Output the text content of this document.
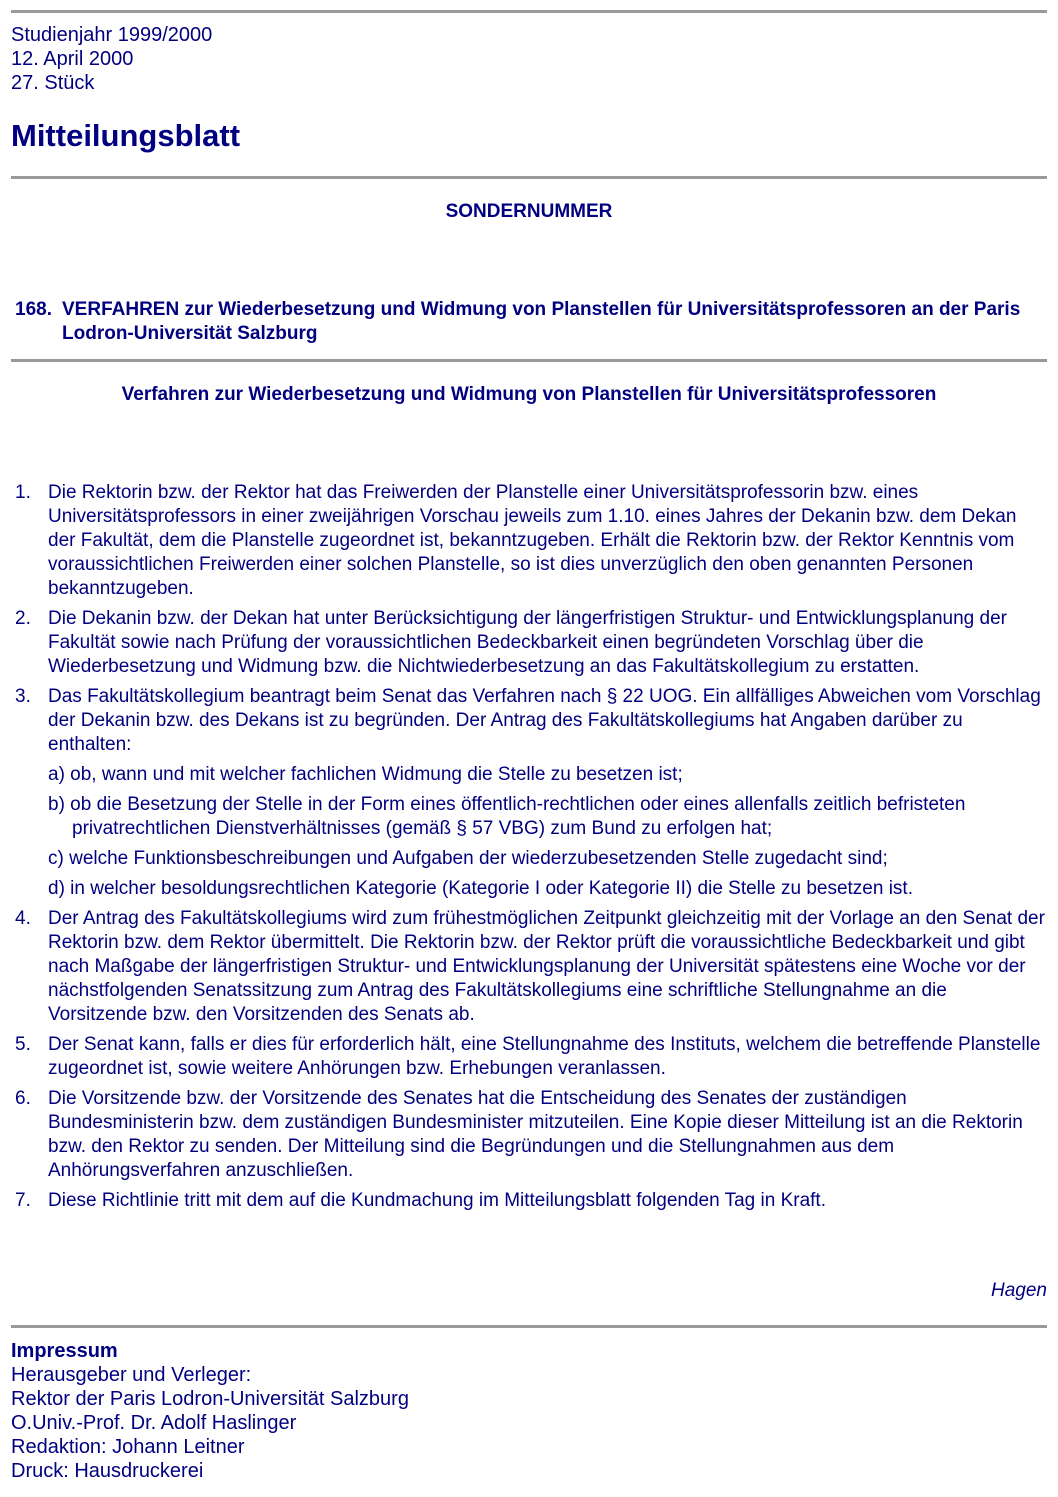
Studienjahr 1999/2000
12. April 2000
27. Stück
Mitteilungsblatt
SONDERNUMMER
168. VERFAHREN zur Wiederbesetzung und Widmung von Planstellen für Universitätsprofessoren an der Paris Lodron-Universität Salzburg
Verfahren zur Wiederbesetzung und Widmung von Planstellen für Universitätsprofessoren
1. Die Rektorin bzw. der Rektor hat das Freiwerden der Planstelle einer Universitätsprofessorin bzw. eines Universitätsprofessors in einer zweijährigen Vorschau jeweils zum 1.10. eines Jahres der Dekanin bzw. dem Dekan der Fakultät, dem die Planstelle zugeordnet ist, bekanntzugeben. Erhält die Rektorin bzw. der Rektor Kenntnis vom voraussichtlichen Freiwerden einer solchen Planstelle, so ist dies unverzüglich den oben genannten Personen bekanntzugeben.
2. Die Dekanin bzw. der Dekan hat unter Berücksichtigung der längerfristigen Struktur- und Entwicklungsplanung der Fakultät sowie nach Prüfung der voraussichtlichen Bedeckbarkeit einen begründeten Vorschlag über die Wiederbesetzung und Widmung bzw. die Nichtwiederbesetzung an das Fakultätskollegium zu erstatten.
3. Das Fakultätskollegium beantragt beim Senat das Verfahren nach § 22 UOG. Ein allfälliges Abweichen vom Vorschlag der Dekanin bzw. des Dekans ist zu begründen. Der Antrag des Fakultätskollegiums hat Angaben darüber zu enthalten:
a) ob, wann und mit welcher fachlichen Widmung die Stelle zu besetzen ist;
b) ob die Besetzung der Stelle in der Form eines öffentlich-rechtlichen oder eines allenfalls zeitlich befristeten privatrechtlichen Dienstverhältnisses (gemäß § 57 VBG) zum Bund zu erfolgen hat;
c) welche Funktionsbeschreibungen und Aufgaben der wiederzubesetzenden Stelle zugedacht sind;
d) in welcher besoldungsrechtlichen Kategorie (Kategorie I oder Kategorie II) die Stelle zu besetzen ist.
4. Der Antrag des Fakultätskollegiums wird zum frühestmöglichen Zeitpunkt gleichzeitig mit der Vorlage an den Senat der Rektorin bzw. dem Rektor übermittelt. Die Rektorin bzw. der Rektor prüft die voraussichtliche Bedeckbarkeit und gibt nach Maßgabe der längerfristigen Struktur- und Entwicklungsplanung der Universität spätestens eine Woche vor der nächstfolgenden Senatssitzung zum Antrag des Fakultätskollegiums eine schriftliche Stellungnahme an die Vorsitzende bzw. den Vorsitzenden des Senats ab.
5. Der Senat kann, falls er dies für erforderlich hält, eine Stellungnahme des Instituts, welchem die betreffende Planstelle zugeordnet ist, sowie weitere Anhörungen bzw. Erhebungen veranlassen.
6. Die Vorsitzende bzw. der Vorsitzende des Senates hat die Entscheidung des Senates der zuständigen Bundesministerin bzw. dem zuständigen Bundesminister mitzuteilen. Eine Kopie dieser Mitteilung ist an die Rektorin bzw. den Rektor zu senden. Der Mitteilung sind die Begründungen und die Stellungnahmen aus dem Anhörungsverfahren anzuschließen.
7. Diese Richtlinie tritt mit dem auf die Kundmachung im Mitteilungsblatt folgenden Tag in Kraft.
Hagen
Impressum
Herausgeber und Verleger:
Rektor der Paris Lodron-Universität Salzburg
O.Univ.-Prof. Dr. Adolf Haslinger
Redaktion: Johann Leitner
Druck: Hausdruckerei
